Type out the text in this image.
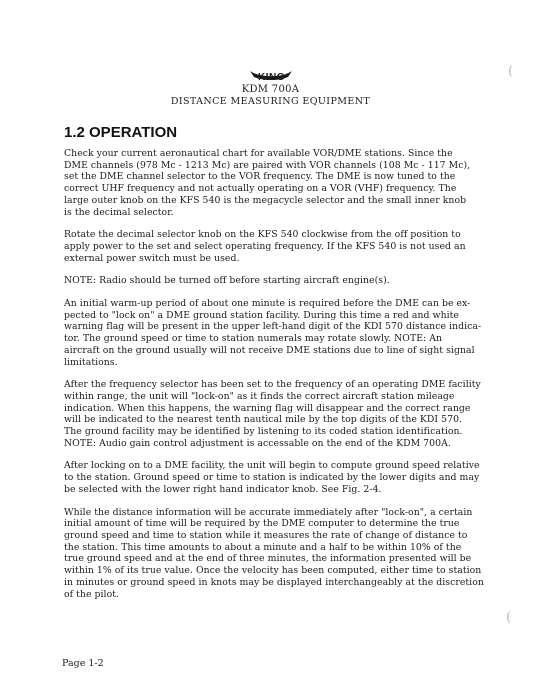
KING
KDM 700A
DISTANCE MEASURING EQUIPMENT
1.2 OPERATION

Check your current aeronautical chart for available VOR/DME stations. Since the
DME channels (978 Mc - 1213 Mc) are paired with VOR channels (108 Mc - 117 Mc),
set the DME channel selector to the VOR frequency. The DME is now tuned to the
correct UHF frequency and not actually operating on a VOR (VHF) frequency. The
large outer knob on the KFS 540 is the megacycle selector and the small inner knob
is the decimal selector.

Rotate the decimal selector knob on the KFS 540 clockwise from the off position to
apply power to the set and select operating frequency. If the KFS 540 is not used an
external power switch must be used.

NOTE: Radio should be turned off before starting aircraft engine(s).

An initial warm-up period of about one minute is required before the DME can be ex-
pected to "lock on" a DME ground station facility. During this time a red and white
warning flag will be present in the upper left-hand digit of the KDI 570 distance indica-
tor. The ground speed or time to station numerals may rotate slowly. NOTE: An
aircraft on the ground usually will not receive DME stations due to line of sight signal
limitations.

After the frequency selector has been set to the frequency of an operating DME facility
within range, the unit will "lock-on" as it finds the correct aircraft station mileage
indication. When this happens, the warning flag will disappear and the correct range
will be indicated to the nearest tenth nautical mile by the top digits of the KDI 570.
The ground facility may be identified by listening to its coded station identification.
NOTE: Audio gain control adjustment is accessable on the end of the KDM 700A.

After locking on to a DME facility, the unit will begin to compute ground speed relative
to the station. Ground speed or time to station is indicated by the lower digits and may
be selected with the lower right hand indicator knob. See Fig. 2-4.

While the distance information will be accurate immediately after "lock-on", a certain
initial amount of time will be required by the DME computer to determine the true
ground speed and time to station while it measures the rate of change of distance to
the station. This time amounts to about a minute and a half to be within 10% of the
true ground speed and at the end of three minutes, the information presented will be
within 1% of its true value. Once the velocity has been computed, either time to station
in minutes or ground speed in knots may be displayed interchangeably at the discretion
of the pilot.

Page 1-2
(
(
